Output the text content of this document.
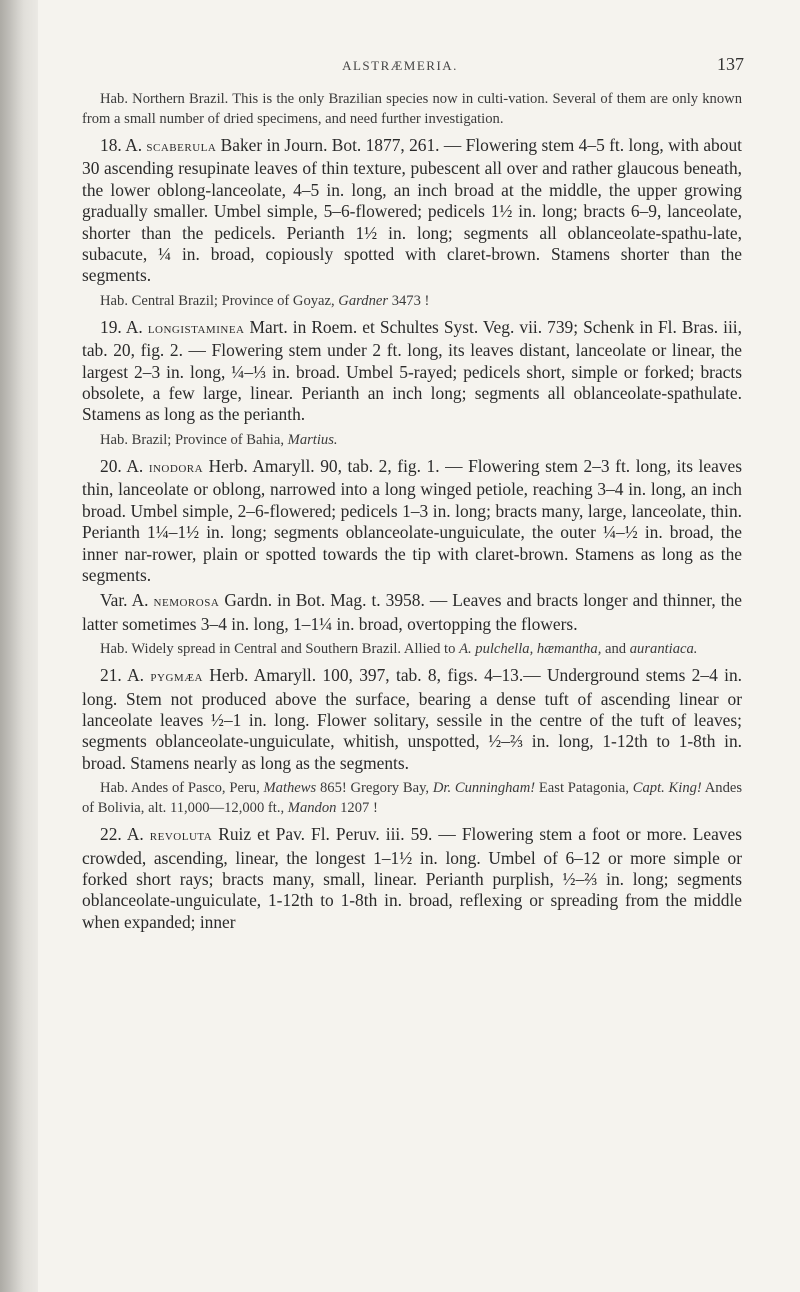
ALSTRÆMERIA.	137

Hab. Northern Brazil. This is the only Brazilian species now in culti-vation. Several of them are only known from a small number of dried specimens, and need further investigation.

18. A. scaberula Baker in Journ. Bot. 1877, 261. — Flowering stem 4–5 ft. long, with about 30 ascending resupinate leaves of thin texture, pubescent all over and rather glaucous beneath, the lower oblong-lanceolate, 4–5 in. long, an inch broad at the middle, the upper growing gradually smaller. Umbel simple, 5–6-flowered; pedicels 1½ in. long; bracts 6–9, lanceolate, shorter than the pedicels. Perianth 1½ in. long; segments all oblanceolate-spathu-late, subacute, ¼ in. broad, copiously spotted with claret-brown. Stamens shorter than the segments.

Hab. Central Brazil; Province of Goyaz, Gardner 3473 !

19. A. longistaminea Mart. in Roem. et Schultes Syst. Veg. vii. 739; Schenk in Fl. Bras. iii, tab. 20, fig. 2. — Flowering stem under 2 ft. long, its leaves distant, lanceolate or linear, the largest 2–3 in. long, ¼–⅓ in. broad. Umbel 5-rayed; pedicels short, simple or forked; bracts obsolete, a few large, linear. Perianth an inch long; segments all oblanceolate-spathulate. Stamens as long as the perianth.

Hab. Brazil; Province of Bahia, Martius.

20. A. inodora Herb. Amaryll. 90, tab. 2, fig. 1. — Flowering stem 2–3 ft. long, its leaves thin, lanceolate or oblong, narrowed into a long winged petiole, reaching 3–4 in. long, an inch broad. Umbel simple, 2–6-flowered; pedicels 1–3 in. long; bracts many, large, lanceolate, thin. Perianth 1¼–1½ in. long; segments oblanceolate-unguiculate, the outer ¼–½ in. broad, the inner nar-rower, plain or spotted towards the tip with claret-brown. Stamens as long as the segments.

Var. A. nemorosa Gardn. in Bot. Mag. t. 3958. — Leaves and bracts longer and thinner, the latter sometimes 3–4 in. long, 1–1¼ in. broad, overtopping the flowers.

Hab. Widely spread in Central and Southern Brazil. Allied to A. pulchella, hæmantha, and aurantiaca.

21. A. pygmæa Herb. Amaryll. 100, 397, tab. 8, figs. 4–13.— Underground stems 2–4 in. long. Stem not produced above the surface, bearing a dense tuft of ascending linear or lanceolate leaves ½–1 in. long. Flower solitary, sessile in the centre of the tuft of leaves; segments oblanceolate-unguiculate, whitish, unspotted, ½–⅔ in. long, 1-12th to 1-8th in. broad. Stamens nearly as long as the segments.

Hab. Andes of Pasco, Peru, Mathews 865! Gregory Bay, Dr. Cunningham! East Patagonia, Capt. King! Andes of Bolivia, alt. 11,000—12,000 ft., Mandon 1207 !

22. A. revoluta Ruiz et Pav. Fl. Peruv. iii. 59. — Flowering stem a foot or more. Leaves crowded, ascending, linear, the longest 1–1½ in. long. Umbel of 6–12 or more simple or forked short rays; bracts many, small, linear. Perianth purplish, ½–⅔ in. long; segments oblanceolate-unguiculate, 1-12th to 1-8th in. broad, reflexing or spreading from the middle when expanded; inner
